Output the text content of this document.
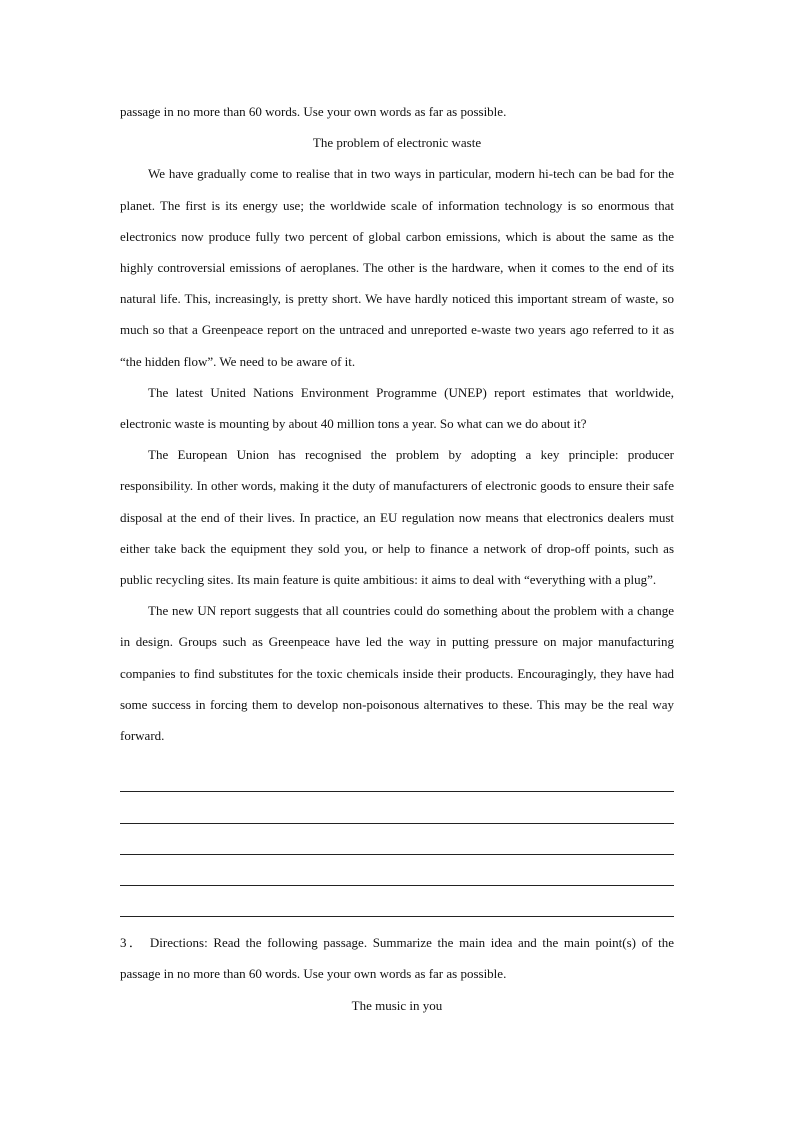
passage in no more than 60 words. Use your own words as far as possible.

The problem of electronic waste

We have gradually come to realise that in two ways in particular, modern hi-tech can be bad for the planet. The first is its energy use; the worldwide scale of information technology is so enormous that electronics now produce fully two percent of global carbon emissions, which is about the same as the highly controversial emissions of aeroplanes. The other is the hardware, when it comes to the end of its natural life. This, increasingly, is pretty short. We have hardly noticed this important stream of waste, so much so that a Greenpeace report on the untraced and unreported e-waste two years ago referred to it as “the hidden flow”. We need to be aware of it.

The latest United Nations Environment Programme (UNEP) report estimates that worldwide, electronic waste is mounting by about 40 million tons a year. So what can we do about it?

The European Union has recognised the problem by adopting a key principle: producer responsibility. In other words, making it the duty of manufacturers of electronic goods to ensure their safe disposal at the end of their lives. In practice, an EU regulation now means that electronics dealers must either take back the equipment they sold you, or help to finance a network of drop-off points, such as public recycling sites. Its main feature is quite ambitious: it aims to deal with “everything with a plug”.

The new UN report suggests that all countries could do something about the problem with a change in design. Groups such as Greenpeace have led the way in putting pressure on major manufacturing companies to find substitutes for the toxic chemicals inside their products. Encouragingly, they have had some success in forcing them to develop non-poisonous alternatives to these. This may be the real way forward.

3． Directions: Read the following passage. Summarize the main idea and the main point(s) of the passage in no more than 60 words. Use your own words as far as possible.

The music in you
